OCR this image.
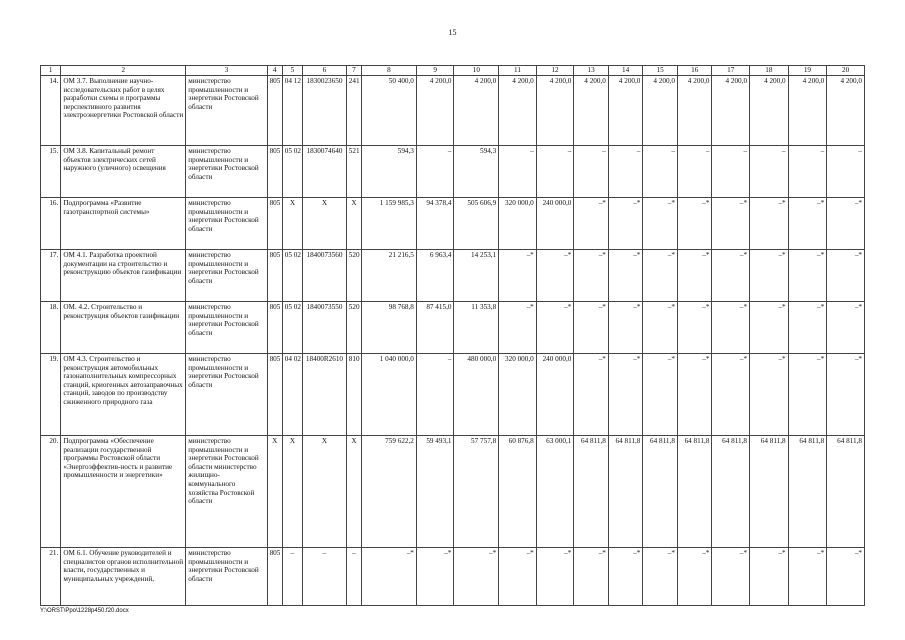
15
1	2	3	4	5	6	7	8	9	10	11	12	13	14	15	16	17	18	19	20
14.	ОМ 3.7. Выполнение научно-исследовательских работ в целях разработки схемы и программы перспективного развития электроэнергетики Ростовской области	министерство промышленности и энергетики Ростовской области	805	04 12	1830023650	241	50 400,0	4 200,0	4 200,0	4 200,0	4 200,0	4 200,0	4 200,0	4 200,0	4 200,0	4 200,0	4 200,0	4 200,0	4 200,0
15.	ОМ 3.8. Капитальный ремонт объектов электрических сетей наружного (уличного) освещения	министерство промышленности и энергетики Ростовской области	805	05 02	1830074640	521	594,3	–	594,3	–	–	–	–	–	–	–	–	–	–
16.	Подпрограмма «Развитие газотранспортной системы»	министерство промышленности и энергетики Ростовской области	805	Х	Х	Х	1 159 985,3	94 378,4	505 606,9	320 000,0	240 000,0	–*	–*	–*	–*	–*	–*	–*	–*
17.	ОМ 4.1. Разработка проектной документации на строительство и реконструкцию объектов газификации	министерство промышленности и энергетики Ростовской области	805	05 02	1840073560	520	21 216,5	6 963,4	14 253,1	–*	–*	–*	–*	–*	–*	–*	–*	–*	–*
18.	ОМ. 4.2. Строительство и реконструкция объектов газификации	министерство промышленности и энергетики Ростовской области	805	05 02	1840073550	520	98 768,8	87 415,0	11 353,8	–*	–*	–*	–*	–*	–*	–*	–*	–*	–*
19.	ОМ 4.3. Строительство и реконструкция автомобильных газонаполнительных компрессорных станций, криогенных автозаправочных станций, заводов по производству сжиженного природного газа	министерство промышленности и энергетики Ростовской области	805	04 02	18400R2610	810	1 040 000,0	–	480 000,0	320 000,0	240 000,0	–*	–*	–*	–*	–*	–*	–*	–*
20.	Подпрограмма «Обеспечение реализации государственной программы Ростовской области «Энергоэффектив-ность и развитие промышленности и энергетики»	министерство промышленности и энергетики Ростовской области министерство жилищно-коммунального хозяйства Ростовской области	Х	Х	Х	Х	759 622,2	59 493,1	57 757,8	60 876,8	63 000,1	64 811,8	64 811,8	64 811,8	64 811,8	64 811,8	64 811,8	64 811,8	64 811,8
21.	ОМ 6.1. Обучение руководителей и специалистов органов исполнительной власти, государственных и муниципальных учреждений,	министерство промышленности и энергетики Ростовской области	805	–	–	–	–*	–*	–*	–*	–*	–*	–*	–*	–*	–*	–*	–*	–*
Y:\ORST\Ppo\1228p450.f20.docx
